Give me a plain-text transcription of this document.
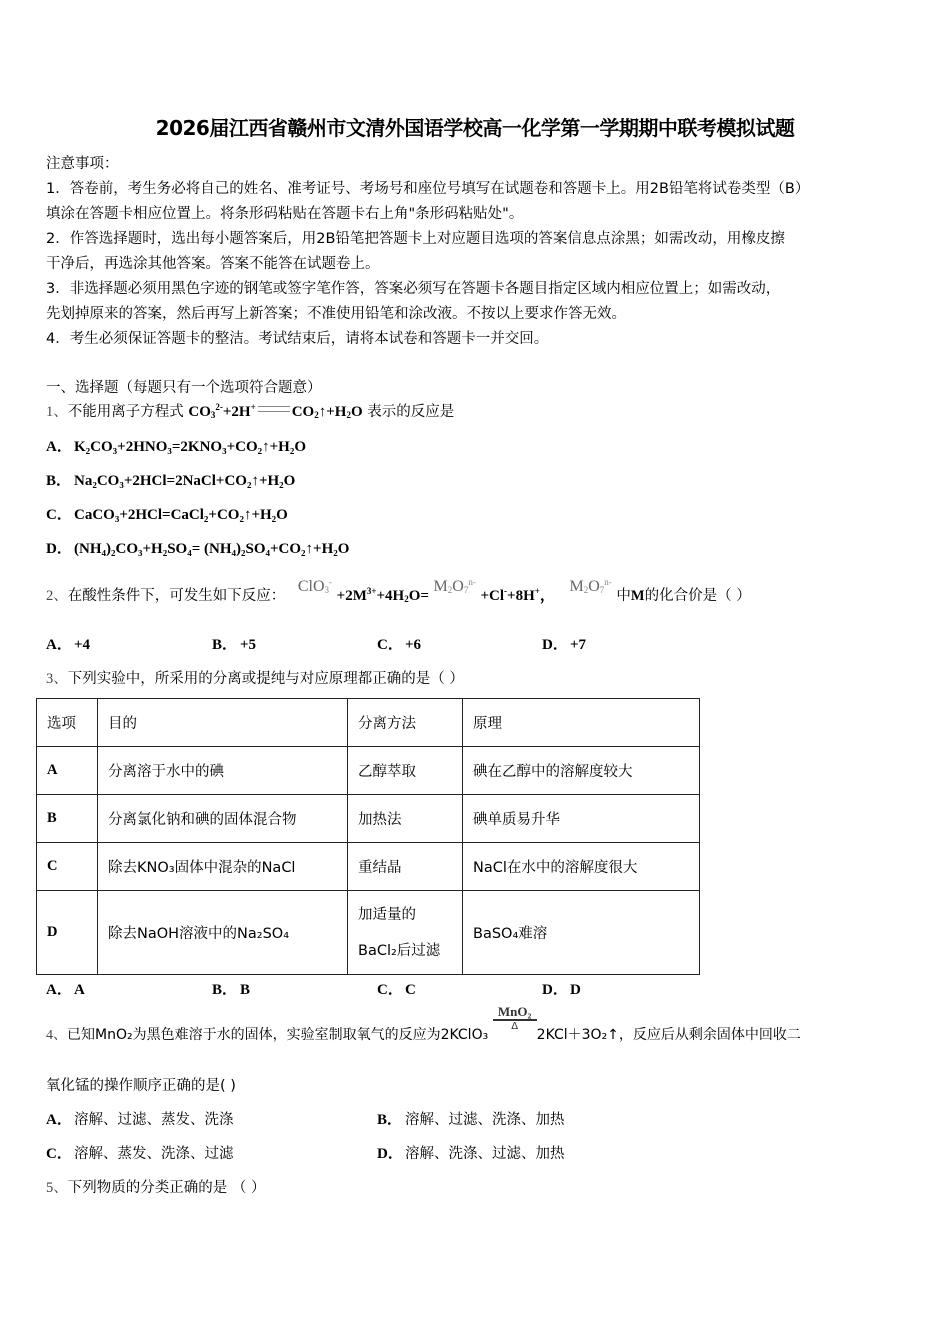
2026届江西省赣州市文清外国语学校高一化学第一学期期中联考模拟试题
注意事项：
1．答卷前，考生务必将自己的姓名、准考证号、考场号和座位号填写在试题卷和答题卡上。用2B铅笔将试卷类型（B）
填涂在答题卡相应位置上。将条形码粘贴在答题卡右上角"条形码粘贴处"。
2．作答选择题时，选出每小题答案后，用2B铅笔把答题卡上对应题目选项的答案信息点涂黑；如需改动，用橡皮擦
干净后，再选涂其他答案。答案不能答在试题卷上。
3．非选择题必须用黑色字迹的钢笔或签字笔作答，答案必须写在答题卡各题目指定区域内相应位置上；如需改动，
先划掉原来的答案，然后再写上新答案；不准使用铅笔和涂改液。不按以上要求作答无效。
4．考生必须保证答题卡的整洁。考试结束后，请将本试卷和答题卡一并交回。
一、选择题（每题只有一个选项符合题意）
1、不能用离子方程式 $CO_3^{2-}+2H^+$ $CO_2↑+H_2O$ 表示的反应是
A． K₂CO₃+2HNO₃=2KNO₃+CO₂↑+H₂O
B． Na₂CO₃+2HCl=2NaCl+CO₂↑+H₂O
C． CaCO₃+2HCl=CaCl₂+CO₂↑+H₂O
D． (NH₄)₂CO₃+H₂SO₄= (NH₄)₂SO₄+CO₂↑+H₂O
2、在酸性条件下，可发生如下反应： $ClO_3^- +2M^{3+}+4H_2O= M_2O_7^{n-} +Cl^-+8H^+$， $M_2O_7^{n-}$ 中M的化合价是（ ）
A． +4	B． +5	C． +6	D． +7
3、下列实验中，所采用的分离或提纯与对应原理都正确的是（ ）
选项	目的	分离方法	原理
A	分离溶于水中的碘	乙醇萃取	碘在乙醇中的溶解度较大
B	分离氯化钠和碘的固体混合物	加热法	碘单质易升华
C	除去KNO₃固体中混杂的NaCl	重结晶	NaCl在水中的溶解度很大
D	除去NaOH溶液中的Na₂SO₄	加适量的BaCl₂后过滤	BaSO₄难溶
A． A	B． B	C． C	D． D
4、已知MnO₂为黑色难溶于水的固体，实验室制取氧气的反应为2KClO₃
MnO₂
Δ
2KCl＋3O₂↑，反应后从剩余固体中回收二
氧化锰的操作顺序正确的是( )
A． 溶解、过滤、蒸发、洗涤	B． 溶解、过滤、洗涤、加热
C． 溶解、蒸发、洗涤、过滤	D． 溶解、洗涤、过滤、加热
5、下列物质的分类正确的是 （ ）
